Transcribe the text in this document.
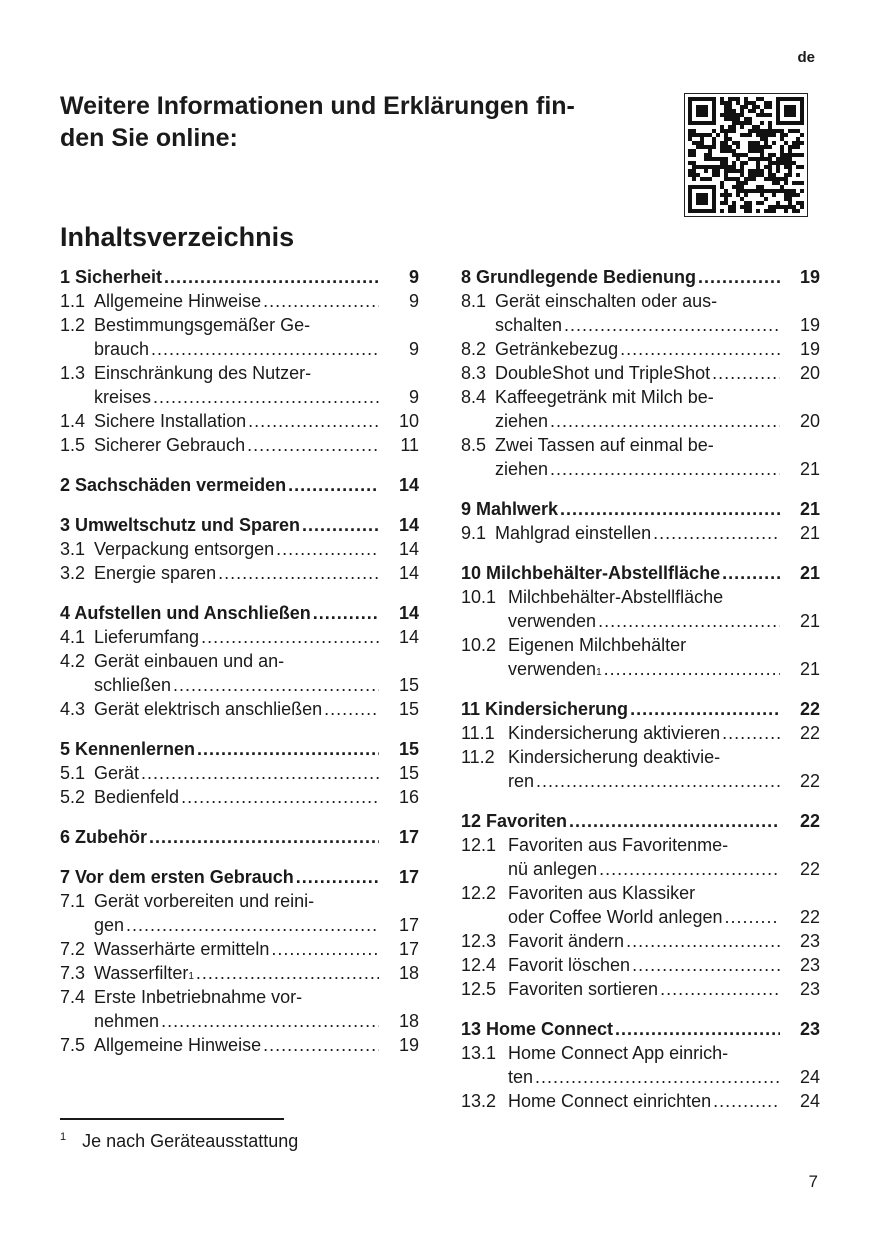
de
Weitere Informationen und Erklärungen fin-
den Sie online:
Inhaltsverzeichnis
1 Sicherheit .....	9
1.1 Allgemeine Hinweise .....	9
1.2 Bestimmungsgemäßer Ge-
brauch .....	9
1.3 Einschränkung des Nutzer-
kreises .....	9
1.4 Sichere Installation .....	10
1.5 Sicherer Gebrauch .....	11
2 Sachschäden vermeiden .....	14
3 Umweltschutz und Sparen .....	14
3.1 Verpackung entsorgen .....	14
3.2 Energie sparen .....	14
4 Aufstellen und Anschließen .....	14
4.1 Lieferumfang .....	14
4.2 Gerät einbauen und an-
schließen .....	15
4.3 Gerät elektrisch anschließen .....	15
5 Kennenlernen .....	15
5.1 Gerät .....	15
5.2 Bedienfeld .....	16
6 Zubehör .....	17
7 Vor dem ersten Gebrauch .....	17
7.1 Gerät vorbereiten und reini-
gen .....	17
7.2 Wasserhärte ermitteln .....	17
7.3 Wasserfilter 1 .....	18
7.4 Erste Inbetriebnahme vor-
nehmen .....	18
7.5 Allgemeine Hinweise .....	19
8 Grundlegende Bedienung .....	19
8.1 Gerät einschalten oder aus-
schalten .....	19
8.2 Getränkebezug .....	19
8.3 DoubleShot und TripleShot .....	20
8.4 Kaffeegetränk mit Milch be-
ziehen .....	20
8.5 Zwei Tassen auf einmal be-
ziehen .....	21
9 Mahlwerk .....	21
9.1 Mahlgrad einstellen .....	21
10 Milchbehälter-Abstellfläche .....	21
10.1 Milchbehälter-Abstellfläche
verwenden .....	21
10.2 Eigenen Milchbehälter
verwenden 1 .....	21
11 Kindersicherung .....	22
11.1 Kindersicherung aktivieren .....	22
11.2 Kindersicherung deaktivie-
ren .....	22
12 Favoriten .....	22
12.1 Favoriten aus Favoritenme-
nü anlegen .....	22
12.2 Favoriten aus Klassiker
oder Coffee World anlegen .....	22
12.3 Favorit ändern .....	23
12.4 Favorit löschen .....	23
12.5 Favoriten sortieren .....	23
13 Home Connect .....	23
13.1 Home Connect App einrich-
ten .....	24
13.2 Home Connect einrichten .....	24
$^1$ Je nach Geräteausstattung
7
